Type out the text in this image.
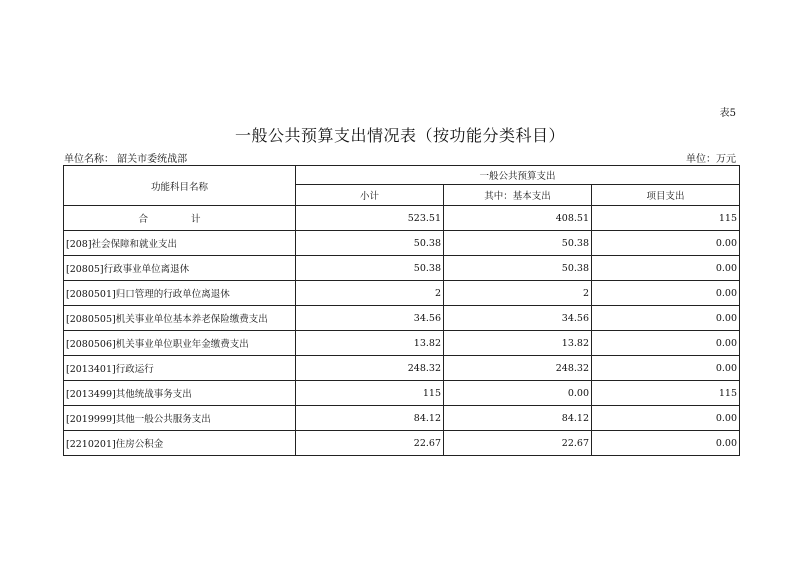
表5
一般公共预算支出情况表（按功能分类科目）
单位名称： 韶关市委统战部	单位：万元
功能科目名称	一般公共预算支出		
	小计	其中：基本支出	项目支出
合 计	523.51	408.51	115
[208]社会保障和就业支出	50.38	50.38	0.00
[20805]行政事业单位离退休	50.38	50.38	0.00
[2080501]归口管理的行政单位离退休	2	2	0.00
[2080505]机关事业单位基本养老保险缴费支出	34.56	34.56	0.00
[2080506]机关事业单位职业年金缴费支出	13.82	13.82	0.00
[2013401]行政运行	248.32	248.32	0.00
[2013499]其他统战事务支出	115	0.00	115
[2019999]其他一般公共服务支出	84.12	84.12	0.00
[2210201]住房公积金	22.67	22.67	0.00
